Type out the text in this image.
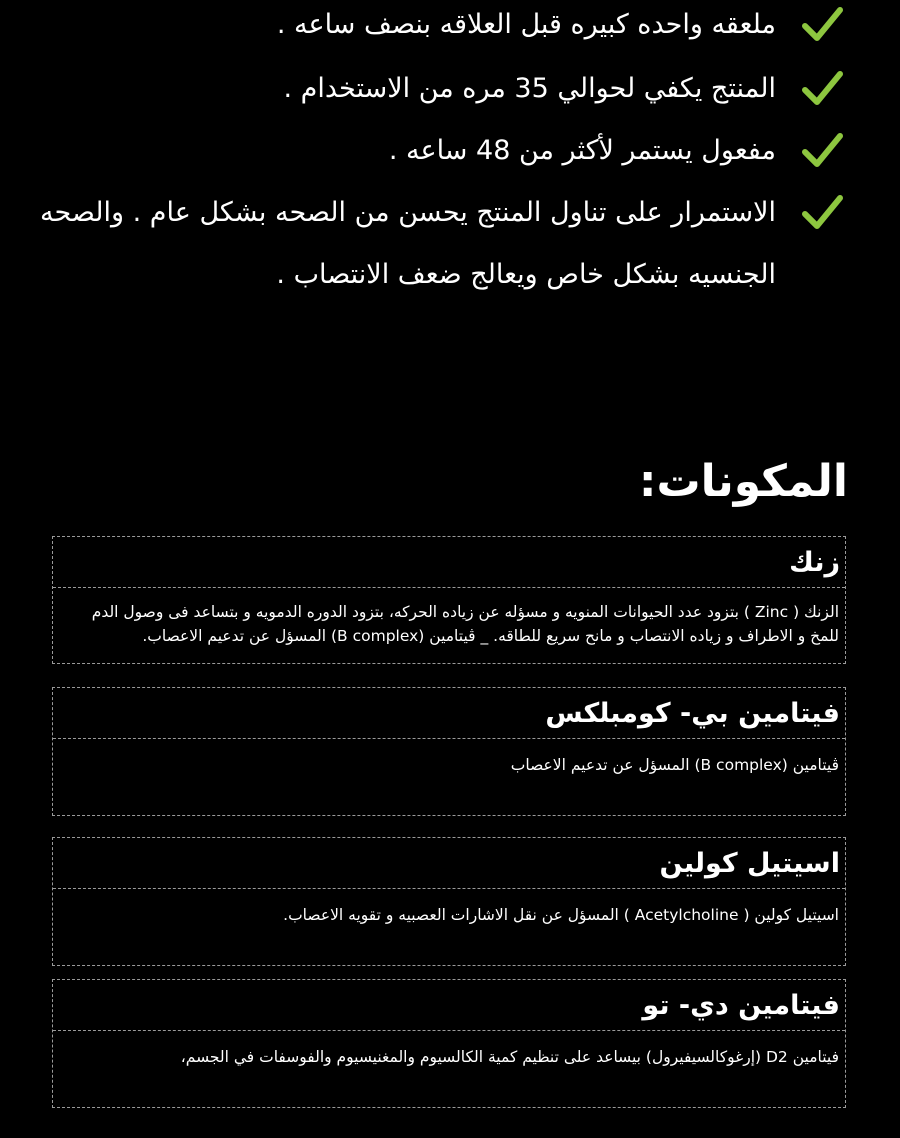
ملعقه واحده كبيره قبل العلاقه بنصف ساعه .
المنتج يكفي لحوالي 35 مره من الاستخدام .
مفعول يستمر لأكثر من 48 ساعه .
الاستمرار على تناول المنتج يحسن من الصحه بشكل عام . والصحه الجنسيه بشكل خاص ويعالج ضعف الانتصاب .
المكونات:
زنك
الزنك ( Zinc ) بتزود عدد الحيوانات المنويه و مسؤله عن زياده الحركه، بتزود الدوره الدمويه و بتساعد فى وصول الدم للمخ و الاطراف و زياده الانتصاب و مانح سريع للطاقه. _ ڤيتامين (B complex) المسؤل عن تدعيم الاعصاب.
فيتامين بي- كومبلكس
ڤيتامين (B complex) المسؤل عن تدعيم الاعصاب
اسيتيل كولين
اسيتيل كولين ( Acetylcholine ) المسؤل عن نقل الاشارات العصبيه و تقويه الاعصاب.
فيتامين دي- تو
فيتامين D2 (إرغوكالسيفيرول) بيساعد على تنظيم كمية الكالسيوم والمغنيسيوم والفوسفات في الجسم،
